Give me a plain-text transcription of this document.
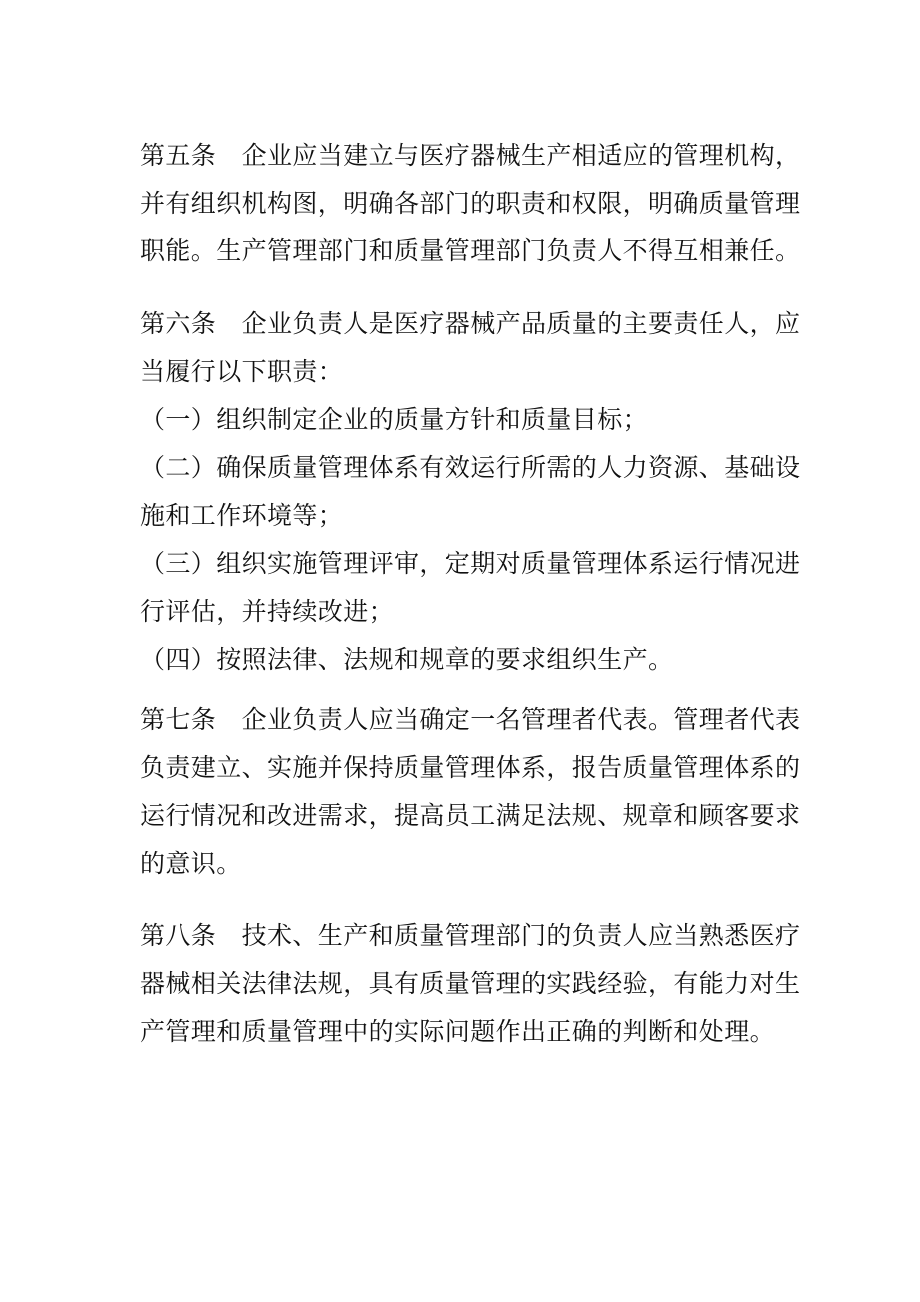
第五条　企业应当建立与医疗器械生产相适应的管理机构，
并有组织机构图，明确各部门的职责和权限，明确质量管理
职能。生产管理部门和质量管理部门负责人不得互相兼任。
第六条　企业负责人是医疗器械产品质量的主要责任人，应
当履行以下职责：
（一）组织制定企业的质量方针和质量目标；
（二）确保质量管理体系有效运行所需的人力资源、基础设
施和工作环境等；
（三）组织实施管理评审，定期对质量管理体系运行情况进
行评估，并持续改进；
（四）按照法律、法规和规章的要求组织生产。
第七条　企业负责人应当确定一名管理者代表。管理者代表
负责建立、实施并保持质量管理体系，报告质量管理体系的
运行情况和改进需求，提高员工满足法规、规章和顾客要求
的意识。
第八条　技术、生产和质量管理部门的负责人应当熟悉医疗
器械相关法律法规，具有质量管理的实践经验，有能力对生
产管理和质量管理中的实际问题作出正确的判断和处理。
